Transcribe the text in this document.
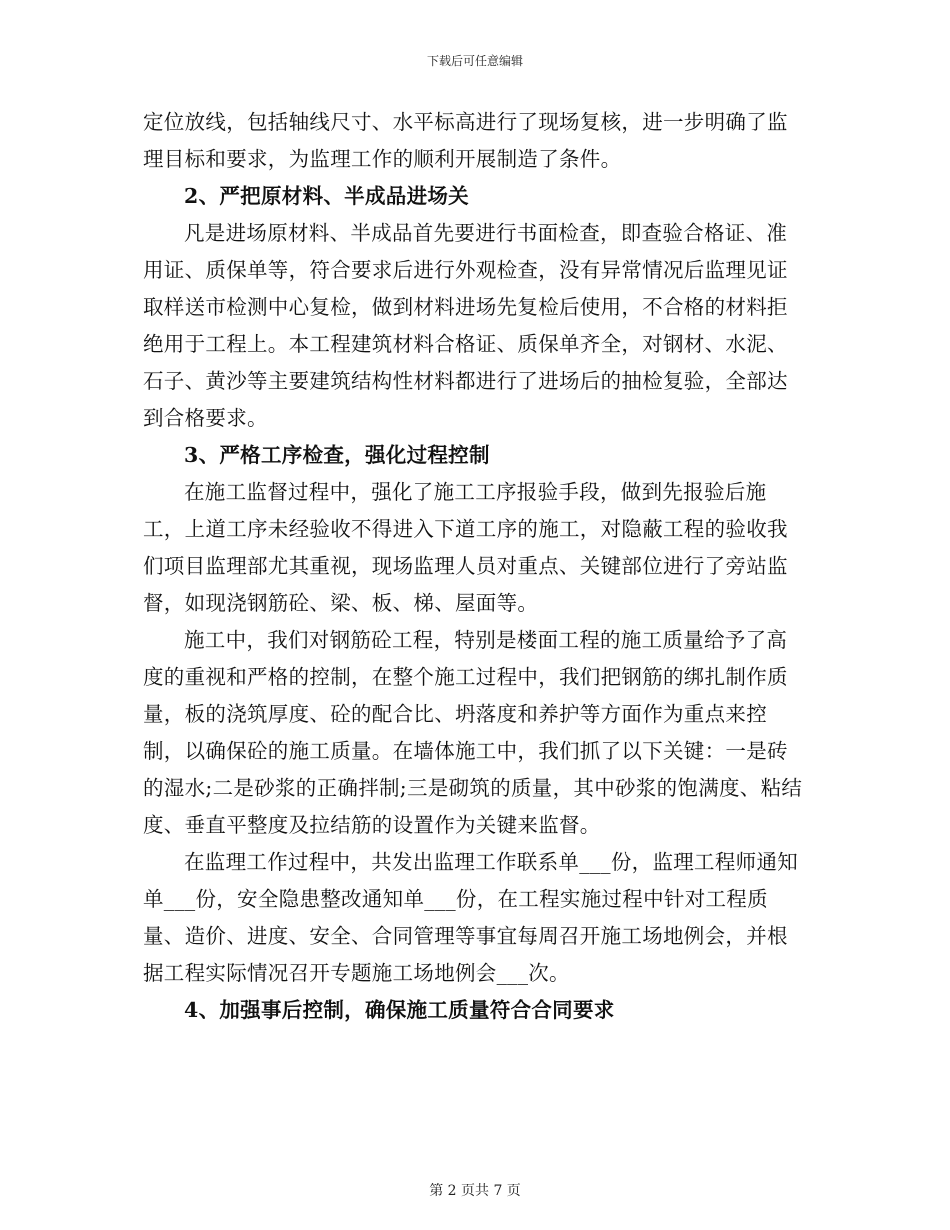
下载后可任意编辑

定位放线，包括轴线尺寸、水平标高进行了现场复核，进一步明确了监理目标和要求，为监理工作的顺利开展制造了条件。

2、严把原材料、半成品进场关

凡是进场原材料、半成品首先要进行书面检查，即查验合格证、准用证、质保单等，符合要求后进行外观检查，没有异常情况后监理见证取样送市检测中心复检，做到材料进场先复检后使用，不合格的材料拒绝用于工程上。本工程建筑材料合格证、质保单齐全，对钢材、水泥、石子、黄沙等主要建筑结构性材料都进行了进场后的抽检复验，全部达到合格要求。

3、严格工序检查，强化过程控制

在施工监督过程中，强化了施工工序报验手段，做到先报验后施工，上道工序未经验收不得进入下道工序的施工，对隐蔽工程的验收我们项目监理部尤其重视，现场监理人员对重点、关键部位进行了旁站监督，如现浇钢筋砼、梁、板、梯、屋面等。

施工中，我们对钢筋砼工程，特别是楼面工程的施工质量给予了高度的重视和严格的控制，在整个施工过程中，我们把钢筋的绑扎制作质量，板的浇筑厚度、砼的配合比、坍落度和养护等方面作为重点来控制，以确保砼的施工质量。在墙体施工中，我们抓了以下关键：一是砖的湿水;二是砂浆的正确拌制;三是砌筑的质量，其中砂浆的饱满度、粘结度、垂直平整度及拉结筋的设置作为关键来监督。

在监理工作过程中，共发出监理工作联系单___份，监理工程师通知单___份，安全隐患整改通知单___份，在工程实施过程中针对工程质量、造价、进度、安全、合同管理等事宜每周召开施工场地例会，并根据工程实际情况召开专题施工场地例会___次。

4、加强事后控制，确保施工质量符合合同要求

第 2 页共 7 页
